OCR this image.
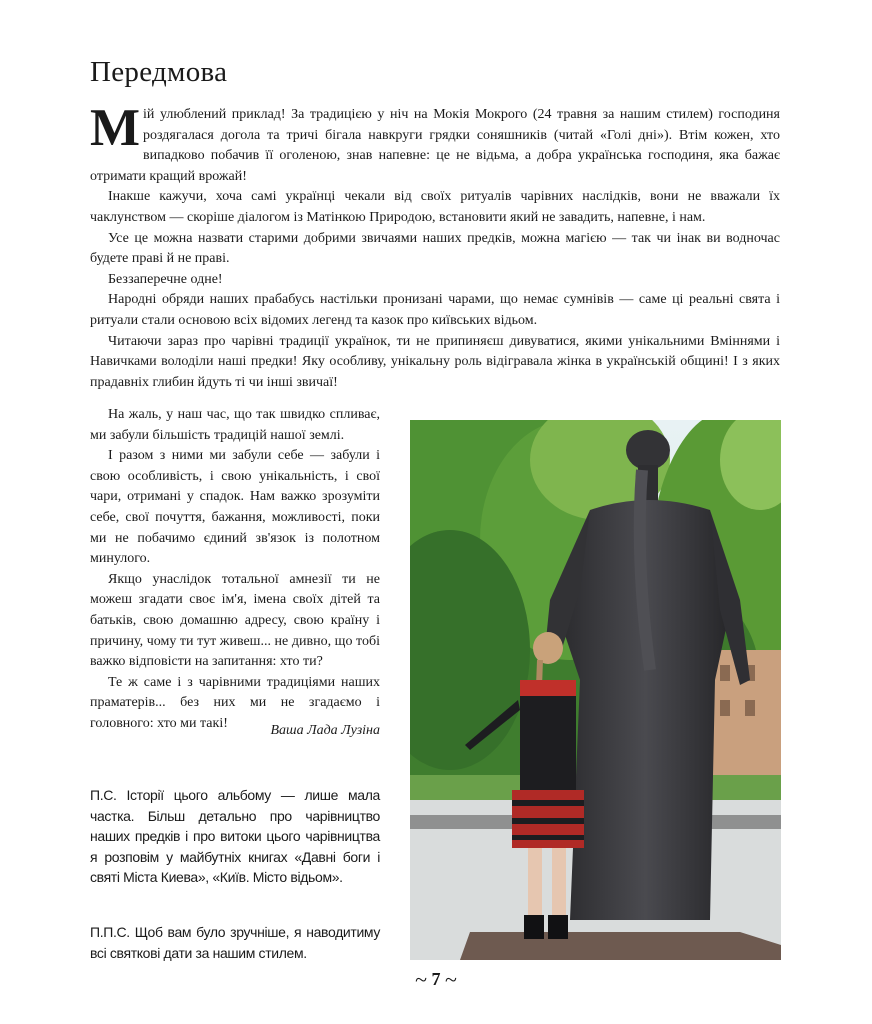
Передмова

Мій улюблений приклад! За традицією у ніч на Мокія Мокрого (24 травня за нашим стилем) господиня роздягалася догола та тричі бігала навкруги грядки соняшників (читай «Голі дні»). Втім кожен, хто випадково побачив її оголеною, знав напевне: це не відьма, а добра українська господиня, яка бажає отримати кращий врожай!

Інакше кажучи, хоча самі українці чекали від своїх ритуалів чарівних наслідків, вони не вважали їх чаклунством — скоріше діалогом із Матінкою Природою, встановити який не завадить, напевне, і нам.

Усе це можна назвати старими добрими звичаями наших предків, можна магією — так чи інак ви водночас будете праві й не праві.

Беззаперечне одне!

Народні обряди наших прабабусь настільки пронизані чарами, що немає сумнівів — саме ці реальні свята і ритуали стали основою всіх відомих легенд та казок про київських відьом.

Читаючи зараз про чарівні традиції українок, ти не припиняєш дивуватися, якими унікальними Вміннями і Навичками володіли наші предки! Яку особливу, унікальну роль відігравала жінка в українській общині! І з яких прадавніх глибин йдуть ті чи інші звичаї!

На жаль, у наш час, що так швидко спливає, ми забули більшість традицій нашої землі.

І разом з ними ми забули себе — забули і свою особливість, і свою унікальність, і свої чари, отримані у спадок. Нам важко зрозуміти себе, свої почуття, бажання, можливості, поки ми не побачимо єдиний зв'язок із полотном минулого.

Якщо унаслідок тотальної амнезії ти не можеш згадати своє ім'я, імена своїх дітей та батьків, свою домашню адресу, свою країну і причину, чому ти тут живеш... не дивно, що тобі важко відповісти на запитання: хто ти?

Те ж саме і з чарівними традиціями наших праматерів... без них ми не згадаємо і головного: хто ми такі!	Ваша Лада Лузіна

П.С. Історії цього альбому — лише мала частка. Більш детально про чарівництво наших предків і про витоки цього чарівництва я розповім у майбутніх книгах «Давні боги і святі Міста Киева», «Київ. Місто відьом».

П.П.С. Щоб вам було зручніше, я наводитиму всі святкові дати за нашим стилем.

~ 7 ~
